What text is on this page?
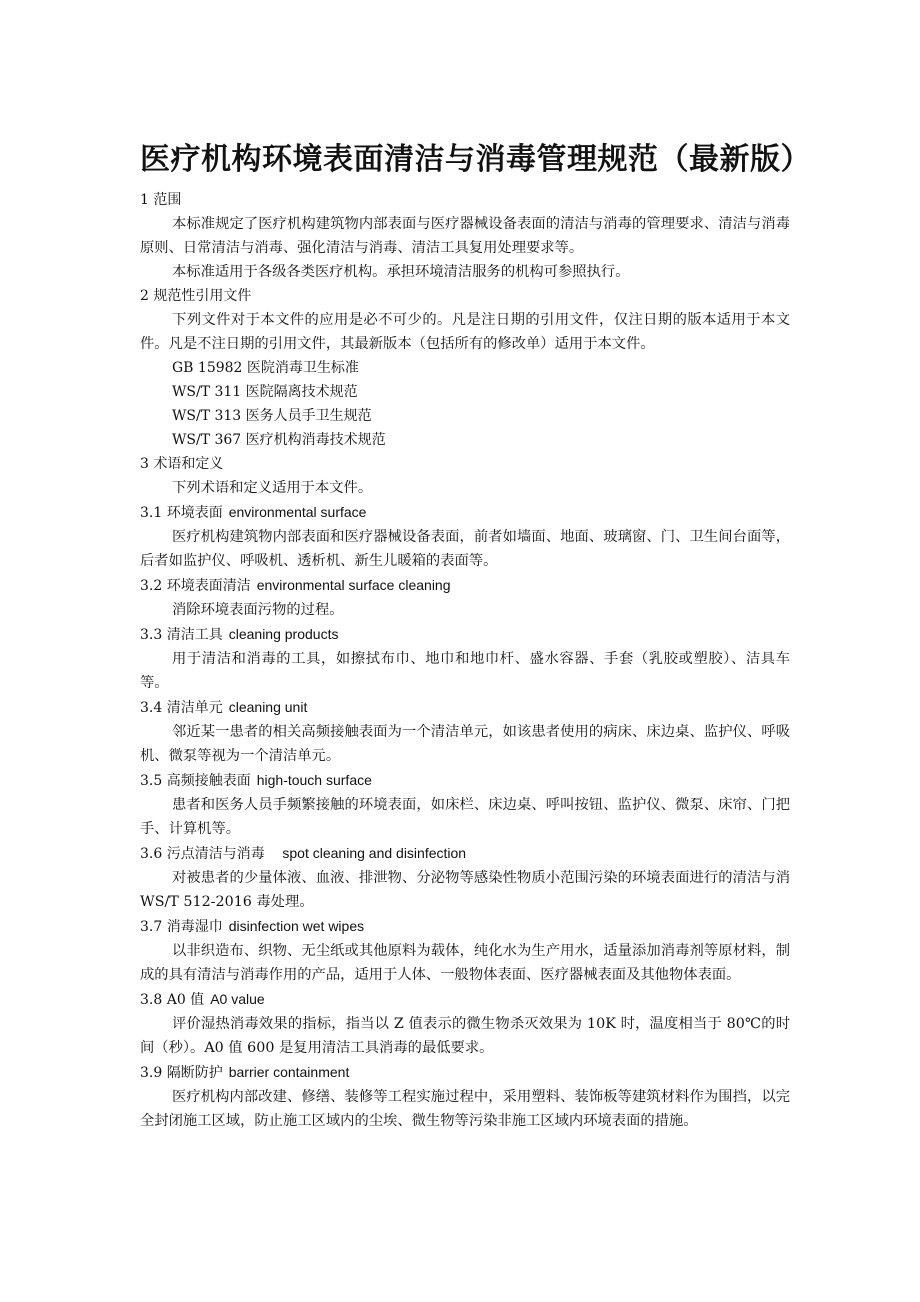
医疗机构环境表面清洁与消毒管理规范（最新版）
1 范围

本标准规定了医疗机构建筑物内部表面与医疗器械设备表面的清洁与消毒的管理要求、清洁与消毒原则、日常清洁与消毒、强化清洁与消毒、清洁工具复用处理要求等。

本标准适用于各级各类医疗机构。承担环境清洁服务的机构可参照执行。

2 规范性引用文件

下列文件对于本文件的应用是必不可少的。凡是注日期的引用文件，仅注日期的版本适用于本文件。凡是不注日期的引用文件，其最新版本（包括所有的修改单）适用于本文件。

GB 15982 医院消毒卫生标准
WS/T 311 医院隔离技术规范
WS/T 313 医务人员手卫生规范
WS/T 367 医疗机构消毒技术规范
3 术语和定义

下列术语和定义适用于本文件。

3.1 环境表面 environmental surface

医疗机构建筑物内部表面和医疗器械设备表面，前者如墙面、地面、玻璃窗、门、卫生间台面等，后者如监护仪、呼吸机、透析机、新生儿暖箱的表面等。

3.2 环境表面清洁 environmental surface cleaning

消除环境表面污物的过程。

3.3 清洁工具 cleaning products

用于清洁和消毒的工具，如擦拭布巾、地巾和地巾杆、盛水容器、手套（乳胶或塑胶）、洁具车等。

3.4 清洁单元 cleaning unit

邻近某一患者的相关高频接触表面为一个清洁单元，如该患者使用的病床、床边桌、监护仪、呼吸机、微泵等视为一个清洁单元。

3.5 高频接触表面 high-touch surface

患者和医务人员手频繁接触的环境表面，如床栏、床边桌、呼叫按钮、监护仪、微泵、床帘、门把手、计算机等。

3.6 污点清洁与消毒   spot cleaning and disinfection

对被患者的少量体液、血液、排泄物、分泌物等感染性物质小范围污染的环境表面进行的清洁与消 WS/T 512-2016 毒处理。

3.7 消毒湿巾 disinfection wet wipes

以非织造布、织物、无尘纸或其他原料为载体，纯化水为生产用水，适量添加消毒剂等原材料，制成的具有清洁与消毒作用的产品，适用于人体、一般物体表面、医疗器械表面及其他物体表面。

3.8 A0 值 A0 value

评价湿热消毒效果的指标，指当以 Z 值表示的微生物杀灭效果为 10K 时，温度相当于 80℃的时间（秒）。A0 值 600 是复用清洁工具消毒的最低要求。

3.9 隔断防护 barrier containment

医疗机构内部改建、修缮、装修等工程实施过程中，采用塑料、装饰板等建筑材料作为围挡，以完全封闭施工区域，防止施工区域内的尘埃、微生物等污染非施工区域内环境表面的措施。
